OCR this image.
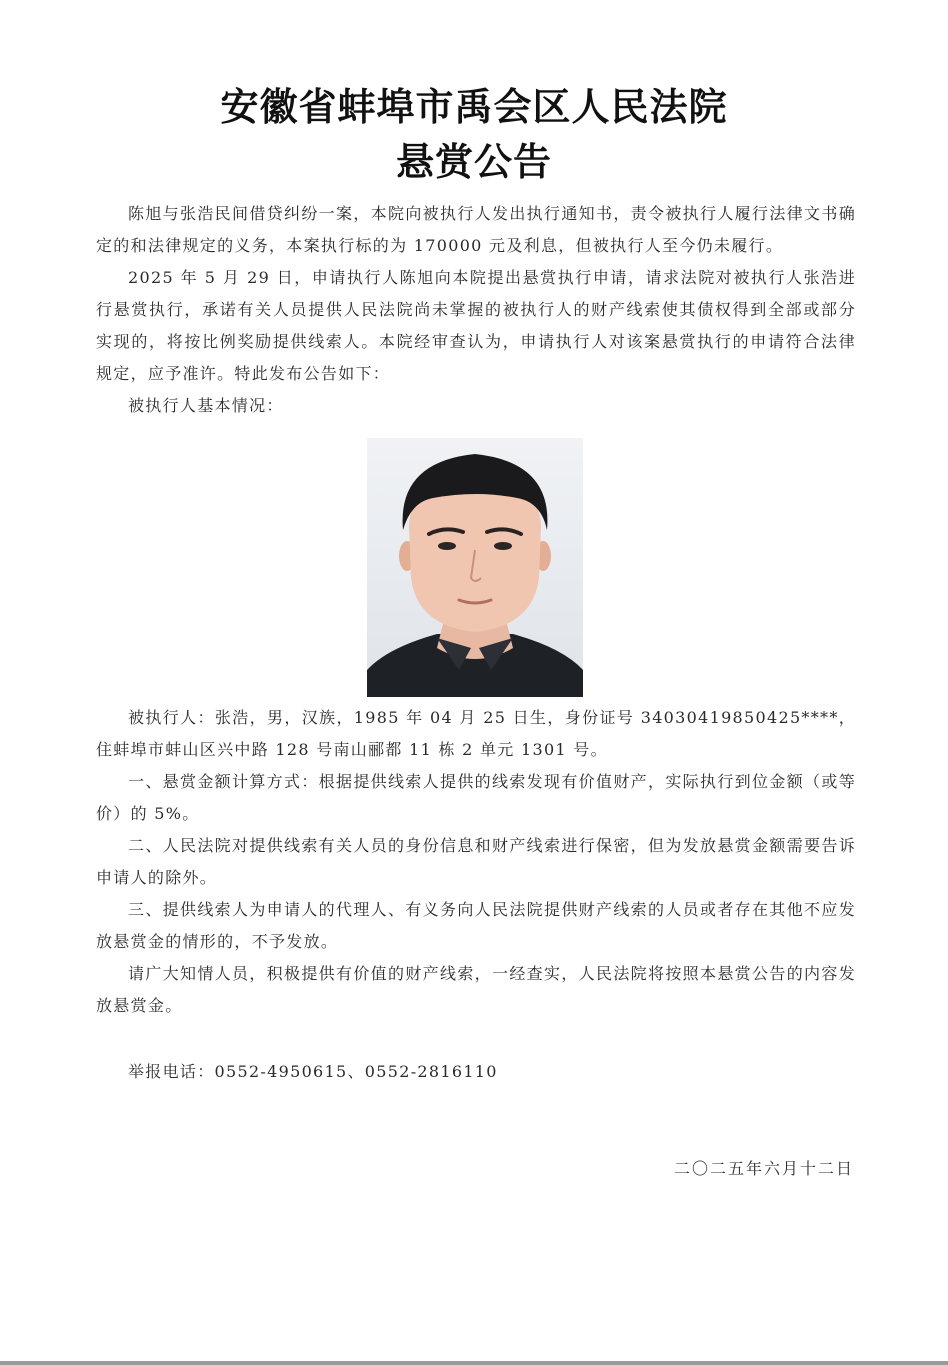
安徽省蚌埠市禹会区人民法院
悬赏公告

陈旭与张浩民间借贷纠纷一案，本院向被执行人发出执行通知书，责令被执行人履行法律文书确定的和法律规定的义务，本案执行标的为 170000 元及利息，但被执行人至今仍未履行。

2025 年 5 月 29 日，申请执行人陈旭向本院提出悬赏执行申请，请求法院对被执行人张浩进行悬赏执行，承诺有关人员提供人民法院尚未掌握的被执行人的财产线索使其债权得到全部或部分实现的，将按比例奖励提供线索人。本院经审查认为，申请执行人对该案悬赏执行的申请符合法律规定，应予准许。特此发布公告如下：

被执行人基本情况：

被执行人：张浩，男，汉族，1985 年 04 月 25 日生，身份证号 34030419850425****，住蚌埠市蚌山区兴中路 128 号南山郦都 11 栋 2 单元 1301 号。

一、悬赏金额计算方式：根据提供线索人提供的线索发现有价值财产，实际执行到位金额（或等价）的 5%。

二、人民法院对提供线索有关人员的身份信息和财产线索进行保密，但为发放悬赏金额需要告诉申请人的除外。

三、提供线索人为申请人的代理人、有义务向人民法院提供财产线索的人员或者存在其他不应发放悬赏金的情形的，不予发放。

请广大知情人员，积极提供有价值的财产线索，一经查实，人民法院将按照本悬赏公告的内容发放悬赏金。

举报电话：0552-4950615、0552-2816110

二〇二五年六月十二日
